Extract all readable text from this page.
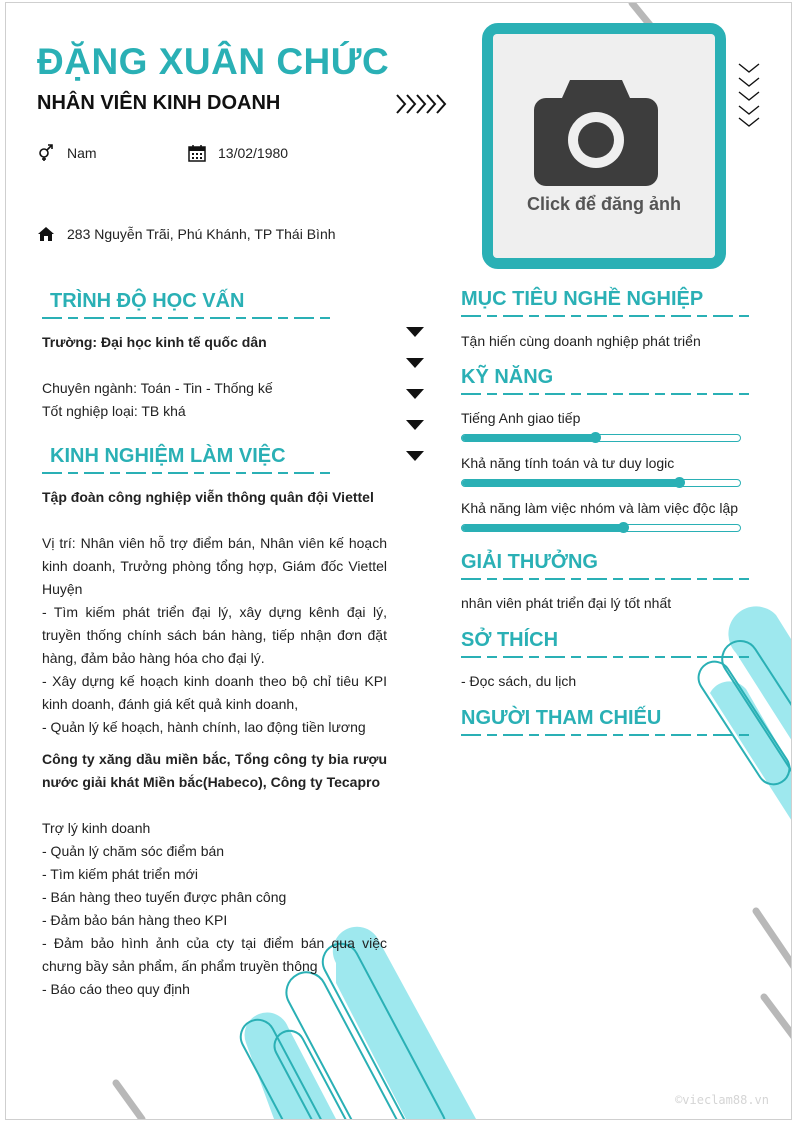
ĐẶNG XUÂN CHỨC
NHÂN VIÊN KINH DOANH
Nam	13/02/1980
283 Nguyễn Trãi, Phú Khánh, TP Thái Bình
Click để đăng ảnh
TRÌNH ĐỘ HỌC VẤN
Trường: Đại học kinh tế quốc dân
Chuyên ngành: Toán - Tin - Thống kế
Tốt nghiệp loại: TB khá
KINH NGHIỆM LÀM VIỆC
Tập đoàn công nghiệp viễn thông quân đội Viettel
Vị trí: Nhân viên hỗ trợ điểm bán, Nhân viên kế hoạch kinh doanh, Trưởng phòng tổng hợp, Giám đốc Viettel Huyện
- Tìm kiếm phát triển đại lý, xây dựng kênh đại lý, truyền thống chính sách bán hàng, tiếp nhận đơn đặt hàng, đảm bảo hàng hóa cho đại lý.
- Xây dựng kế hoạch kinh doanh theo bộ chỉ tiêu KPI kinh doanh, đánh giá kết quả kinh doanh,
- Quản lý kế hoạch, hành chính, lao động tiền lương
Công ty xăng dầu miền bắc, Tổng công ty bia rượu nước giải khát Miền bắc(Habeco), Công ty Tecapro
Trợ lý kinh doanh
- Quản lý chăm sóc điểm bán
- Tìm kiếm phát triển mới
- Bán hàng theo tuyến được phân công
- Đảm bảo bán hàng theo KPI
- Đảm bảo hình ảnh của cty tại điểm bán qua việc chưng bầy sản phẩm, ấn phẩm truyền thông
- Báo cáo theo quy định
MỤC TIÊU NGHỀ NGHIỆP
Tận hiến cùng doanh nghiệp phát triển
KỸ NĂNG
Tiếng Anh giao tiếp
Khả năng tính toán và tư duy logic
Khả năng làm việc nhóm và làm việc độc lập
GIẢI THƯỞNG
nhân viên phát triển đại lý tốt nhất
SỞ THÍCH
- Đọc sách, du lịch
NGƯỜI THAM CHIẾU
©vieclam88.vn
